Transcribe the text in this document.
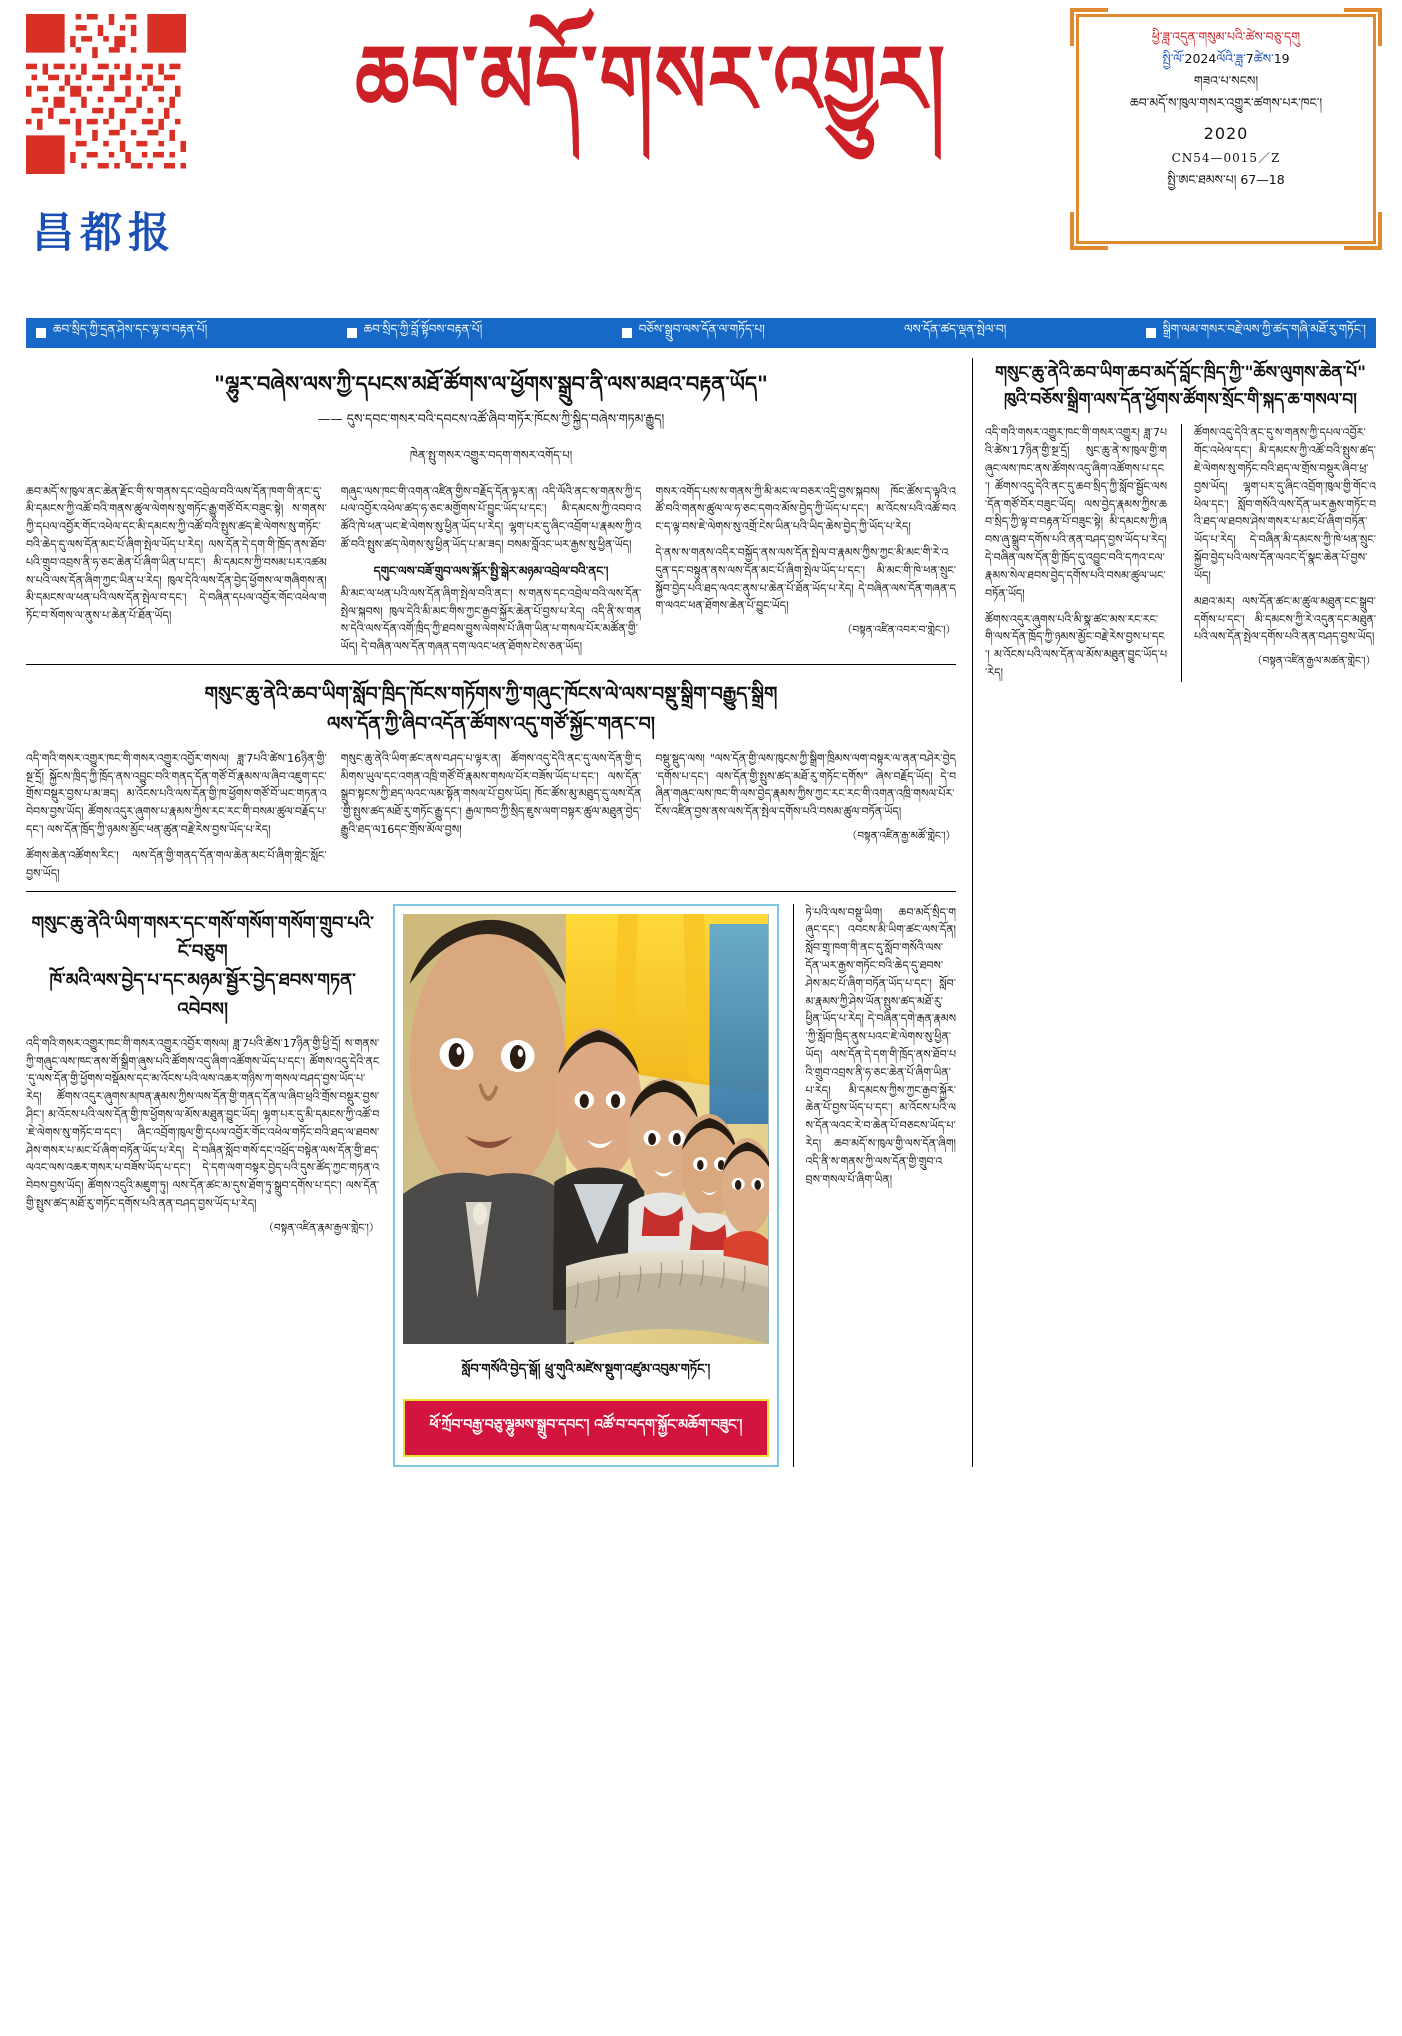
昌都报
ཆབ་མདོ་གསར་འགྱུར།	ཕྱི་ཟླ་འདུན་གསུམ་པའི་ཚེས་བཅུ་དགུ
སྤྱི་ལོ་2024ལོའི་ཟླ་7ཚེས་19
གཟའ་པ་སངས།
ཆབ་མདོ་ས་ཁུལ་གསར་འགྱུར་ཚགས་པར་ཁང་།
2020
CN54—0015／Z
སྤྱི་ཨང་ཐམས་པ། 67—18
ཆབ་སྲིད་ཀྱི་དྲན་ཤེས་དང་ལྟ་བ་བརྟན་པོ།	ཆབ་སྲིད་ཀྱི་བློ་སྟོབས་བརྟན་པོ།	བཅོས་སྒྲུབ་ལས་དོན་ལ་གཏོད་པ།	ལས་དོན་ཚད་ལྡན་སྤེལ་བ།	སྒྲིག་ལམ་གསར་བརྗེ་ལས་ཀྱི་ཚད་གཞི་མཐོ་རུ་གཏོང་།
"ལྷུར་བཞེས་ལས་ཀྱི་དཔངས་མཐོ་ཚོགས་ལ་ཕྱོགས་སྒྲུབ་ནི་ལས་མཐའ་བརྟན་ཡོད"
—— དུས་དབང་གསར་བའི་དབངས་འཚོ་ཞིབ་གཏོར་ཁོངས་ཀྱི་སྐྱིད་བཞེས་གཏམ་རྒྱུད།
ཁེན་སྤུ་གསར་འགྱུར་བདག་གསར་འགོད་པ།
ཆབ་མདོ་ས་ཁུལ་ནང་ཆེན་རྫོང་གི་ས་གནས་དང་འབྲེལ་བའི་ལས་དོན་ཁག་གི་ནང་དུ་མི་དམངས་ཀྱི་འཚོ་བའི་གནས་ཚུལ་ལེགས་སུ་གཏོང་རྒྱུ་གཙོ་བོར་བཟུང་སྟེ། ས་གནས་ཀྱི་དཔལ་འབྱོར་གོང་འཕེལ་དང་མི་དམངས་ཀྱི་འཚོ་བའི་སྤུས་ཚད་ཇེ་ལེགས་སུ་གཏོང་བའི་ཆེད་དུ་ལས་དོན་མང་པོ་ཞིག་སྤེལ་ཡོད་པ་རེད། ལས་དོན་དེ་དག་གི་ཁྲོད་ནས་ཐོབ་པའི་གྲུབ་འབྲས་ནི་ཧ་ཅང་ཆེན་པོ་ཞིག་ཡིན་པ་དང་། མི་དམངས་ཀྱི་བསམ་པར་འཚམས་པའི་ལས་དོན་ཞིག་ཀྱང་ཡིན་པ་རེད། ཁུལ་དེའི་ལས་དོན་བྱེད་ཕྱོགས་ལ་གཞིགས་ན། མི་དམངས་ལ་ཕན་པའི་ལས་དོན་སྤེལ་བ་དང་། དེ་བཞིན་དཔལ་འབྱོར་གོང་འཕེལ་གཏོང་བ་སོགས་ལ་ནུས་པ་ཆེན་པོ་ཐོན་ཡོད།
གཞུང་ལས་ཁང་གི་འགན་འཛིན་གྱིས་བརྗོད་དོན་ལྟར་ན། འདི་ལོའི་ནང་ས་གནས་ཀྱི་དཔལ་འབྱོར་འཕེལ་ཚད་ཧ་ཅང་མགྱོགས་པོ་བྱུང་ཡོད་པ་དང་། མི་དམངས་ཀྱི་འབབ་འཚོའི་ཁེ་ཕན་ཡང་ཇེ་ལེགས་སུ་ཕྱིན་ཡོད་པ་རེད། ལྷག་པར་དུ་ཞིང་འབྲོག་པ་རྣམས་ཀྱི་འཚོ་བའི་སྤུས་ཚད་ལེགས་སུ་ཕྱིན་ཡོད་པ་མ་ཟད། བསམ་བློའང་ཡར་རྒྱས་སུ་ཕྱིན་ཡོད།
དགུང་ལས་བཟོ་གྲུབ་ལས་སྐོར་སྤྱི་སྒེར་མཉམ་འབྲེལ་བའི་ནང་།
མི་མང་ལ་ཕན་པའི་ལས་དོན་ཞིག་སྤེལ་བའི་ནང་། ས་གནས་དང་འབྲེལ་བའི་ལས་དོན་སྤེལ་སྐབས། ཁུལ་དེའི་མི་མང་གིས་ཀྱང་རྒྱབ་སྐྱོར་ཆེན་པོ་བྱས་པ་རེད། འདི་ནི་ས་གནས་དེའི་ལས་དོན་འགོ་ཁྲིད་ཀྱི་ཐབས་བྱུས་ལེགས་པོ་ཞིག་ཡིན་པ་གསལ་པོར་མཚོན་གྱི་ཡོད། དེ་བཞིན་ལས་དོན་གཞན་དག་ལའང་ཕན་ཐོགས་ངེས་ཅན་ཡོད།
གསར་འགོད་པས་ས་གནས་ཀྱི་མི་མང་ལ་བཅར་འདྲི་བྱས་སྐབས། ཁོང་ཚོས་ད་ལྟའི་འཚོ་བའི་གནས་ཚུལ་ལ་ཧ་ཅང་དགའ་མོས་བྱེད་ཀྱི་ཡོད་པ་དང་། མ་འོངས་པའི་འཚོ་བའང་ད་ལྟ་བས་ཇེ་ལེགས་སུ་འགྲོ་ངེས་ཡིན་པའི་ཡིད་ཆེས་བྱེད་ཀྱི་ཡོད་པ་རེད།
དེ་ནས་ས་གནས་འདིར་བསྐྱོད་ནས་ལས་དོན་སྤེལ་བ་རྣམས་ཀྱིས་ཀྱང་མི་མང་གི་རེ་འདུན་དང་བསྟུན་ནས་ལས་དོན་མང་པོ་ཞིག་སྤེལ་ཡོད་པ་དང་། མི་མང་གི་ཁེ་ཕན་སྲུང་སྐྱོབ་བྱེད་པའི་ཐད་ལའང་ནུས་པ་ཆེན་པོ་ཐོན་ཡོད་པ་རེད། དེ་བཞིན་ལས་དོན་གཞན་དག་ལའང་ཕན་ཐོགས་ཆེན་པོ་བྱུང་ཡོད།
（བསྟན་འཛིན་འབར་བ་གླེང་།）
གསུང་ཆུ་ནེའི་ཆབ་ཡིག་སློབ་ཁྲིད་ཁོངས་གཏོགས་ཀྱི་གཞུང་ཁོངས་ལེ་ལས་བསྡུ་སྒྲིག་བརྒྱུད་སྒྲིག
ལས་དོན་ཀྱི་ཞིབ་འདོན་ཚོགས་འདུ་གཙོ་སྐྱོང་གནང་བ།
འདི་གའི་གསར་འགྱུར་ཁང་གི་གསར་འགྱུར་འབྱོར་གསལ། ཟླ་7པའི་ཚེས་16ཉིན་གྱི་སྔ་དྲོ། སྐྱོངས་ཁྲིད་ཀྱི་ཁྲོད་ནས་འབྱུང་བའི་གནད་དོན་གཙོ་བོ་རྣམས་ལ་ཞིབ་འཇུག་དང་གྲོས་བསྡུར་བྱས་པ་མ་ཟད། མ་འོངས་པའི་ལས་དོན་གྱི་ཁ་ཕྱོགས་གཙོ་བོ་ཡང་གཏན་འབེབས་བྱས་ཡོད། ཚོགས་འདུར་ཞུགས་པ་རྣམས་ཀྱིས་རང་རང་གི་བསམ་ཚུལ་བརྗོད་པ་དང་། ལས་དོན་ཁྲོད་ཀྱི་ཉམས་མྱོང་ཕན་ཚུན་བརྗེ་རེས་བྱས་ཡོད་པ་རེད།
ཚོགས་ཆེན་འཚོགས་རིང་། ལས་དོན་གྱི་གནད་དོན་གལ་ཆེན་མང་པོ་ཞིག་གླེང་སློང་བྱས་ཡོད།
གསུང་ཆུ་ནེའི་ཡིག་ཚང་ནས་བཤད་པ་ལྟར་ན། ཚོགས་འདུ་དེའི་ནང་དུ་ལས་དོན་གྱི་དམིགས་ཡུལ་དང་འགན་འཁྲི་གཙོ་བོ་རྣམས་གསལ་པོར་བཟོས་ཡོད་པ་དང་། ལས་དོན་སྒྲུབ་སྟངས་ཀྱི་ཐད་ལའང་ལམ་སྟོན་གསལ་པོ་བྱས་ཡོད། ཁོང་ཚོས་མུ་མཐུད་དུ་ལས་དོན་གྱི་སྤུས་ཚད་མཐོ་རུ་གཏོང་རྒྱུ་དང་། རྒྱལ་ཁབ་ཀྱི་སྲིད་ཇུས་ལག་བསྟར་ཚུལ་མཐུན་བྱེད་རྒྱུའི་ཐད་ལ16དང་གྲོས་མོལ་བྱས།
བསྡུ་སྡུད་ལས། "ལས་དོན་གྱི་ལས་ཁུངས་ཀྱི་སྒྲིག་ཁྲིམས་ལག་བསྟར་ལ་ནན་བཤེར་བྱེད་དགོས་པ་དང་། ལས་དོན་གྱི་སྤུས་ཚད་མཐོ་རུ་གཏོང་དགོས" ཞེས་བརྗོད་ཡོད། དེ་བཞིན་གཞུང་ལས་ཁང་གི་ལས་བྱེད་རྣམས་ཀྱིས་ཀྱང་རང་རང་གི་འགན་འཁྲི་གསལ་པོར་ངོས་འཛིན་བྱས་ནས་ལས་དོན་སྤེལ་དགོས་པའི་བསམ་ཚུལ་བཏོན་ཡོད།
（བསྟན་འཛིན་རྒྱ་མཚོ་གླེང་།）
གསུང་ཆུ་ནེའི་ཡིག་གསར་དང་གསོ་གསོག་གསོག་གྲུབ་པའི་ངོ་བཅུག
ཁོ་མའི་ལས་བྱེད་པ་དང་མཉམ་སྦྱོར་བྱེད་ཐབས་གཏན་འབེབས།
འདི་གའི་གསར་འགྱུར་ཁང་གི་གསར་འགྱུར་འབྱོར་གསལ། ཟླ་7པའི་ཚེས་17ཉིན་གྱི་ཕྱི་དྲོ། ས་གནས་ཀྱི་གཞུང་ལས་ཁང་ནས་གོ་སྒྲིག་ཞུས་པའི་ཚོགས་འདུ་ཞིག་འཚོགས་ཡོད་པ་དང་། ཚོགས་འདུ་དེའི་ནང་དུ་ལས་དོན་གྱི་ཕྱོགས་བསྡོམས་དང་མ་འོངས་པའི་ལས་འཆར་གཉིས་ཀ་གསལ་བཤད་བྱས་ཡོད་པ་རེད། ཚོགས་འདུར་ཞུགས་མཁན་རྣམས་ཀྱིས་ལས་དོན་གྱི་གནད་དོན་ལ་ཞིབ་ཕྲའི་གྲོས་བསྡུར་བྱས་ཤིང་། མ་འོངས་པའི་ལས་དོན་གྱི་ཁ་ཕྱོགས་ལ་མོས་མཐུན་བྱུང་ཡོད། ལྷག་པར་དུ་མི་དམངས་ཀྱི་འཚོ་བ་ཇེ་ལེགས་སུ་གཏོང་བ་དང་། ཞིང་འབྲོག་ཁུལ་གྱི་དཔལ་འབྱོར་གོང་འཕེལ་གཏོང་བའི་ཐད་ལ་ཐབས་ཤེས་གསར་པ་མང་པོ་ཞིག་བཏོན་ཡོད་པ་རེད། དེ་བཞིན་སློབ་གསོ་དང་འཕྲོད་བསྟེན་ལས་དོན་གྱི་ཐད་ལའང་ལས་འཆར་གསར་པ་བཟོས་ཡོད་པ་དང་། དེ་དག་ལག་བསྟར་བྱེད་པའི་དུས་ཚོད་ཀྱང་གཏན་འབེབས་བྱས་ཡོད། ཚོགས་འདུའི་མཇུག་ཏུ། ལས་དོན་ཚང་མ་དུས་ཐོག་ཏུ་སྒྲུབ་དགོས་པ་དང་། ལས་དོན་གྱི་སྤུས་ཚད་མཐོ་རུ་གཏོང་དགོས་པའི་ནན་བཤད་བྱས་ཡོད་པ་རེད།
（བསྟན་འཛིན་རྣམ་རྒྱལ་གླེང་།）
སློབ་གསོའི་བྱེད་སྒོ། ཕྲུ་གུའི་མཛེས་སྡུག་འཛུམ་འབུམ་གཏོང་།
ཕོ་ཀྲོབ་བརྒྱ་བཅུ་ལྷུམས་སྒྲུབ་དབང་། འཚོ་བ་བདག་སྐྱོང་མཆོག་བཟུང་།
ཏེ་པའི་ལས་བསྡུ་ཡིག། ཆབ་མདོ་སྲིད་གཞུང་དང་། འབངས་མི་ཡིག་ཚང་ལས་དོན། སློབ་གྲྭ་ཁག་གི་ནང་དུ་སློབ་གསོའི་ལས་དོན་ཡར་རྒྱས་གཏོང་བའི་ཆེད་དུ་ཐབས་ཤེས་མང་པོ་ཞིག་བཏོན་ཡོད་པ་དང་། སློབ་མ་རྣམས་ཀྱི་ཤེས་ཡོན་སྤུས་ཚད་མཐོ་རུ་ཕྱིན་ཡོད་པ་རེད། དེ་བཞིན་དགེ་རྒན་རྣམས་ཀྱི་སློབ་ཁྲིད་ནུས་པའང་ཇེ་ལེགས་སུ་ཕྱིན་ཡོད། ལས་དོན་དེ་དག་གི་ཁྲོད་ནས་ཐོབ་པའི་གྲུབ་འབྲས་ནི་ཧ་ཅང་ཆེན་པོ་ཞིག་ཡིན་པ་རེད། མི་དམངས་ཀྱིས་ཀྱང་རྒྱབ་སྐྱོར་ཆེན་པོ་བྱས་ཡོད་པ་དང་། མ་འོངས་པའི་ལས་དོན་ལའང་རེ་བ་ཆེན་པོ་བཅངས་ཡོད་པ་རེད། ཆབ་མདོ་ས་ཁུལ་གྱི་ལས་དོན་ཞིག། འདི་ནི་ས་གནས་ཀྱི་ལས་དོན་གྱི་གྲུབ་འབྲས་གསལ་པོ་ཞིག་ཡིན།
གསུང་ཆུ་ནེའི་ཆབ་ཡིག་ཆབ་མདོ་བློང་ཁྲིད་ཀྱི་"ཆོས་ལུགས་ཆེན་པོ"
ཁུའི་བཅོས་སྒྲིག་ལས་དོན་ཕྱོགས་ཚོགས་སྲོང་གི་སྐད་ཆ་གསལ་བ།
འདི་གའི་གསར་འགྱུར་ཁང་གི་གསར་འགྱུར། ཟླ་7པའི་ཚེས་17ཉིན་གྱི་སྔ་དྲོ། སུང་ཆུ་ནེ་ས་ཁུལ་གྱི་གཞུང་ལས་ཁང་ནས་ཚོགས་འདུ་ཞིག་འཚོགས་པ་དང་། ཚོགས་འདུ་དེའི་ནང་དུ་ཆབ་སྲིད་ཀྱི་སློབ་སྦྱོང་ལས་དོན་གཙོ་བོར་བཟུང་ཡོད། ལས་བྱེད་རྣམས་ཀྱིས་ཆབ་སྲིད་ཀྱི་ལྟ་བ་བརྟན་པོ་བཟུང་སྟེ། མི་དམངས་ཀྱི་ཞབས་ཞུ་སྒྲུབ་དགོས་པའི་ནན་བཤད་བྱས་ཡོད་པ་རེད། དེ་བཞིན་ལས་དོན་གྱི་ཁྲོད་དུ་འབྱུང་བའི་དཀའ་ངལ་རྣམས་སེལ་ཐབས་བྱེད་དགོས་པའི་བསམ་ཚུལ་ཡང་བཏོན་ཡོད།
ཚོགས་འདུར་ཞུགས་པའི་མི་སྣ་ཚང་མས་རང་རང་གི་ལས་དོན་ཁྲོད་ཀྱི་ཉམས་མྱོང་བརྗེ་རེས་བྱས་པ་དང་། མ་འོངས་པའི་ལས་དོན་ལ་མོས་མཐུན་བྱུང་ཡོད་པ་རེད།
ཚོགས་འདུ་དེའི་ནང་དུ་ས་གནས་ཀྱི་དཔལ་འབྱོར་གོང་འཕེལ་དང་། མི་དམངས་ཀྱི་འཚོ་བའི་སྤུས་ཚད་ཇེ་ལེགས་སུ་གཏོང་བའི་ཐད་ལ་གྲོས་བསྡུར་ཞིབ་ཕྲ་བྱས་ཡོད། ལྷག་པར་དུ་ཞིང་འབྲོག་ཁུལ་གྱི་གོང་འཕེལ་དང་། སློབ་གསོའི་ལས་དོན་ཡར་རྒྱས་གཏོང་བའི་ཐད་ལ་ཐབས་ཤེས་གསར་པ་མང་པོ་ཞིག་བཏོན་ཡོད་པ་རེད། དེ་བཞིན་མི་དམངས་ཀྱི་ཁེ་ཕན་སྲུང་སྐྱོབ་བྱེད་པའི་ལས་དོན་ལའང་དོ་སྣང་ཆེན་པོ་བྱས་ཡོད།
མཐའ་མར། ལས་དོན་ཚང་མ་ཚུལ་མཐུན་ངང་སྒྲུབ་དགོས་པ་དང་། མི་དམངས་ཀྱི་རེ་འདུན་དང་མཐུན་པའི་ལས་དོན་སྤེལ་དགོས་པའི་ནན་བཤད་བྱས་ཡོད།
（བསྟན་འཛིན་རྒྱལ་མཚན་གླེང་།）
